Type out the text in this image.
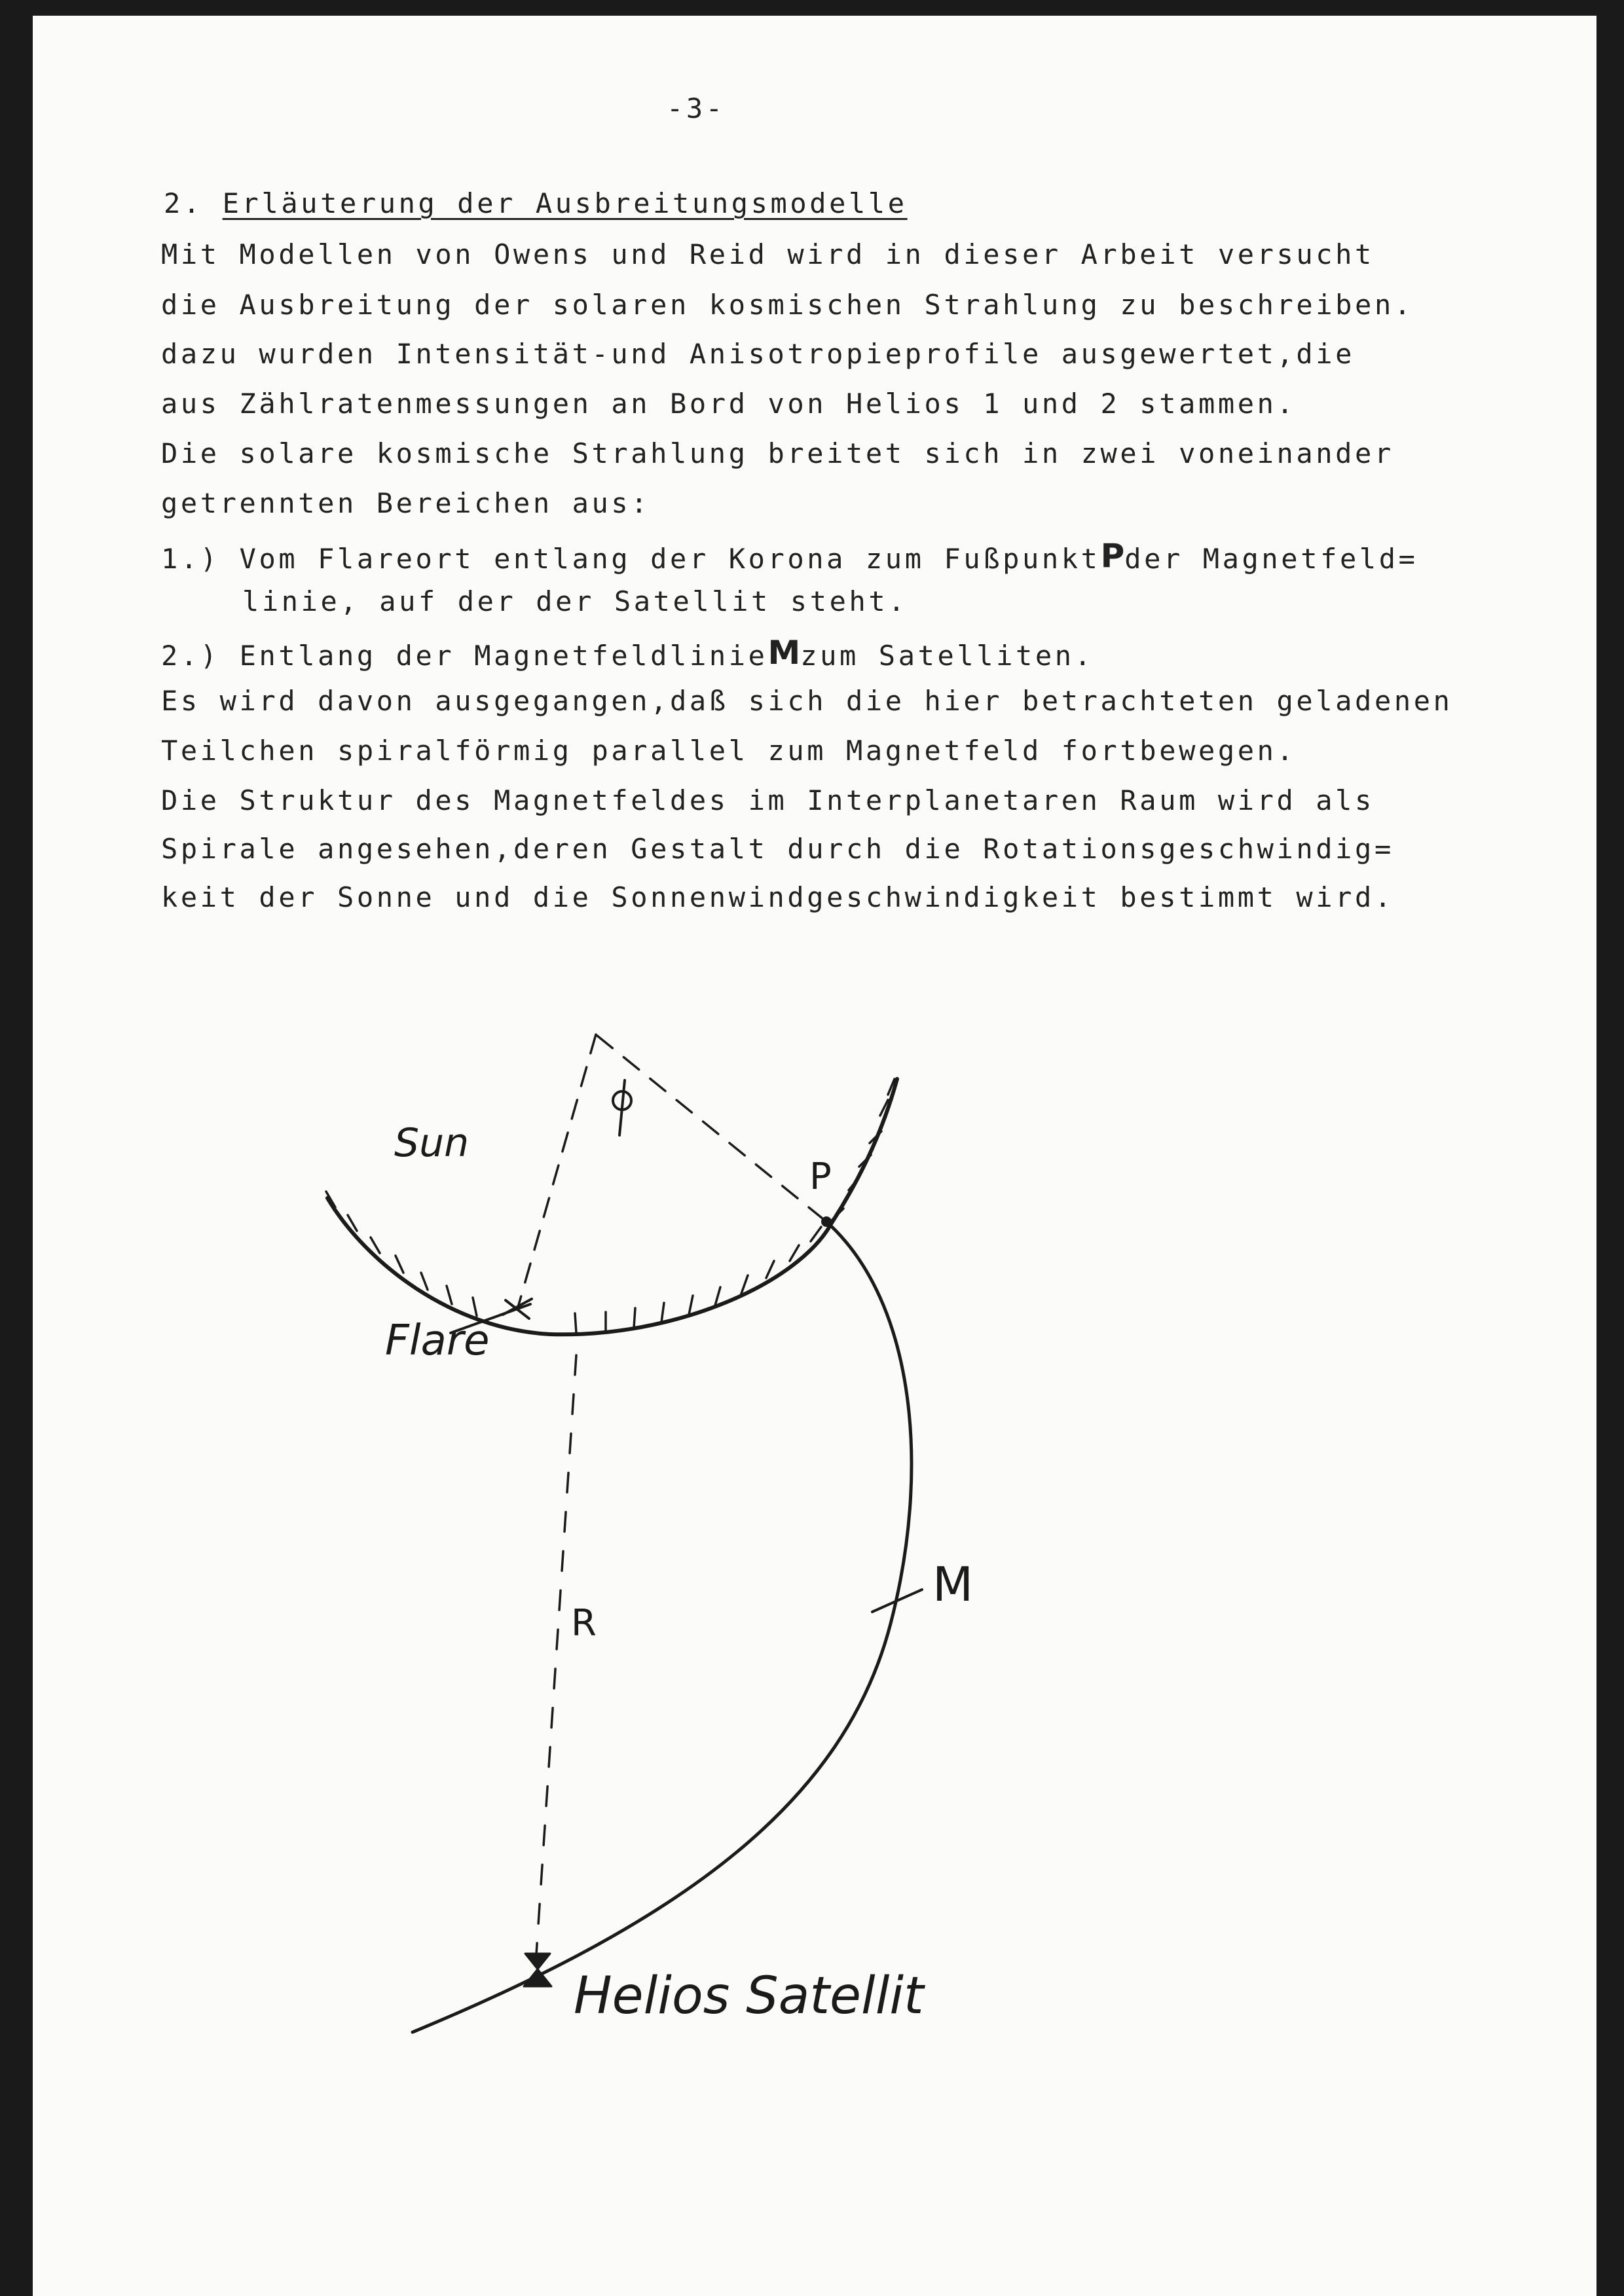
-3-
2. Erläuterung der Ausbreitungsmodelle
Mit Modellen von Owens und Reid wird in dieser Arbeit versucht
die Ausbreitung der solaren kosmischen Strahlung zu beschreiben.
dazu wurden Intensität-und Anisotropieprofile ausgewertet,die
aus Zählratenmessungen an Bord von Helios 1 und 2 stammen.
Die solare kosmische Strahlung breitet sich in zwei voneinander
getrennten Bereichen aus:
1.) Vom Flareort entlang der Korona zum FußpunktPder Magnetfeld=
linie, auf der der Satellit steht.
2.) Entlang der MagnetfeldlinieMzum Satelliten.
Es wird davon ausgegangen,daß sich die hier betrachteten geladenen
Teilchen spiralförmig parallel zum Magnetfeld fortbewegen.
Die Struktur des Magnetfeldes im Interplanetaren Raum wird als
Spirale angesehen,deren Gestalt durch die Rotationsgeschwindig=
keit der Sonne und die Sonnenwindgeschwindigkeit bestimmt wird.
Sun
Flare
P
R
M
Helios Satellit
